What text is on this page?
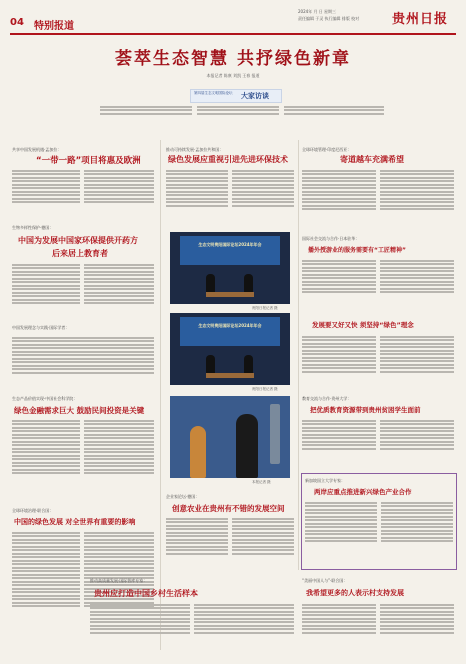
04 特别报道
2024年 月 日 星期三
责任编辑 于灵 执行编辑 排版 校对	贵州日报
荟萃生态智慧 共抒绿色新章
本报记者 陈康 刘凯 王春 报道
第四届生态文明国际论坛	大家访谈
共享中国发展机遇·孟加拉：
“一带一路”项目将惠及欧洲
生物多样性保护·德国：
中国为发展中国家环保提供开药方
后来居上教育者
中国发展理念与实践·国际学者：
生态产品价值实现·中国社会科学院：
绿色金融需求巨大 鼓励民间投资是关键
全球环境治理·联合国：
中国的绿色发展 对全世界有重要的影响
推动可持续发展·孟加拉共和国：
绿色发展应重视引进先进环保技术
生态文明贵阳国际论坛2024年年会
贵阳日报记者 摄
生态文明贵阳国际论坛2024年年会
贵阳日报记者 摄
本报记者 摄
企业家论坛·德国：
创意农业在贵州有不错的发展空间
推动高质量发展·国际智库专家：
贵州应打造中国乡村生活样本
全球环境管理·印度尼西亚：
寄道越车充满希望
国际社会交流与合作·日本驻华：
播外授游业的服务需要有“工匠精神”
发展要又好又快 须坚持“绿色”理念
教育交流与合作·贵州大学：
把优质教育资源带到贵州贫困学生面前
新加坡国立大学专家：
两岸应重点推进新兴绿色产业合作
“美丽中国人与”·联合国：
我希望更多的人表示村支持发展
